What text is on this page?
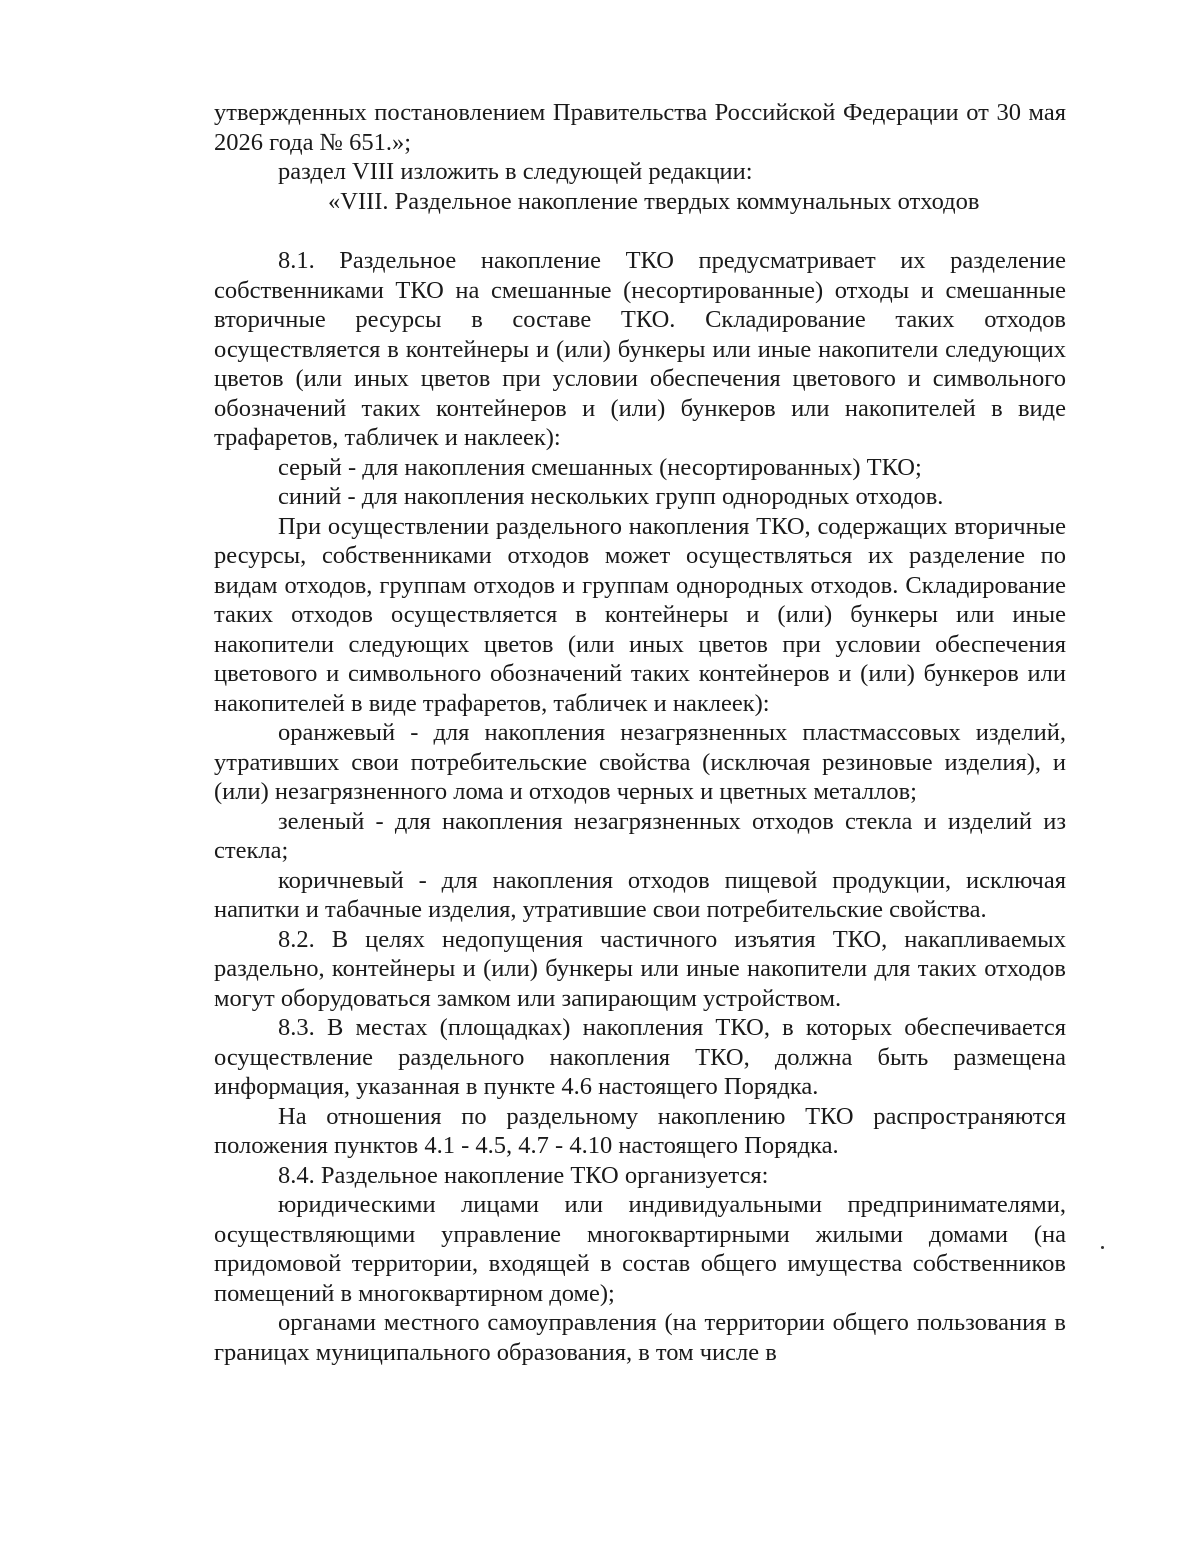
утвержденных постановлением Правительства Российской Федерации от 30 мая 2026 года № 651.»;

раздел VIII изложить в следующей редакции:

«VIII. Раздельное накопление твердых коммунальных отходов

8.1. Раздельное накопление ТКО предусматривает их разделение собственниками ТКО на смешанные (несортированные) отходы и смешанные вторичные ресурсы в составе ТКО. Складирование таких отходов осуществляется в контейнеры и (или) бункеры или иные накопители следующих цветов (или иных цветов при условии обеспечения цветового и символьного обозначений таких контейнеров и (или) бункеров или накопителей в виде трафаретов, табличек и наклеек):

серый - для накопления смешанных (несортированных) ТКО;

синий - для накопления нескольких групп однородных отходов.

При осуществлении раздельного накопления ТКО, содержащих вторичные ресурсы, собственниками отходов может осуществляться их разделение по видам отходов, группам отходов и группам однородных отходов. Складирование таких отходов осуществляется в контейнеры и (или) бункеры или иные накопители следующих цветов (или иных цветов при условии обеспечения цветового и символьного обозначений таких контейнеров и (или) бункеров или накопителей в виде трафаретов, табличек и наклеек):

оранжевый - для накопления незагрязненных пластмассовых изделий, утративших свои потребительские свойства (исключая резиновые изделия), и (или) незагрязненного лома и отходов черных и цветных металлов;

зеленый - для накопления незагрязненных отходов стекла и изделий из стекла;

коричневый - для накопления отходов пищевой продукции, исключая напитки и табачные изделия, утратившие свои потребительские свойства.

8.2. В целях недопущения частичного изъятия ТКО, накапливаемых раздельно, контейнеры и (или) бункеры или иные накопители для таких отходов могут оборудоваться замком или запирающим устройством.

8.3. В местах (площадках) накопления ТКО, в которых обеспечивается осуществление раздельного накопления ТКО, должна быть размещена информация, указанная в пункте 4.6 настоящего Порядка.

На отношения по раздельному накоплению ТКО распространяются положения пунктов 4.1 - 4.5, 4.7 - 4.10 настоящего Порядка.

8.4. Раздельное накопление ТКО организуется:

юридическими лицами или индивидуальными предпринимателями, осуществляющими управление многоквартирными жилыми домами (на придомовой территории, входящей в состав общего имущества собственников помещений в многоквартирном доме);

органами местного самоуправления (на территории общего пользования в границах муниципального образования, в том числе в
